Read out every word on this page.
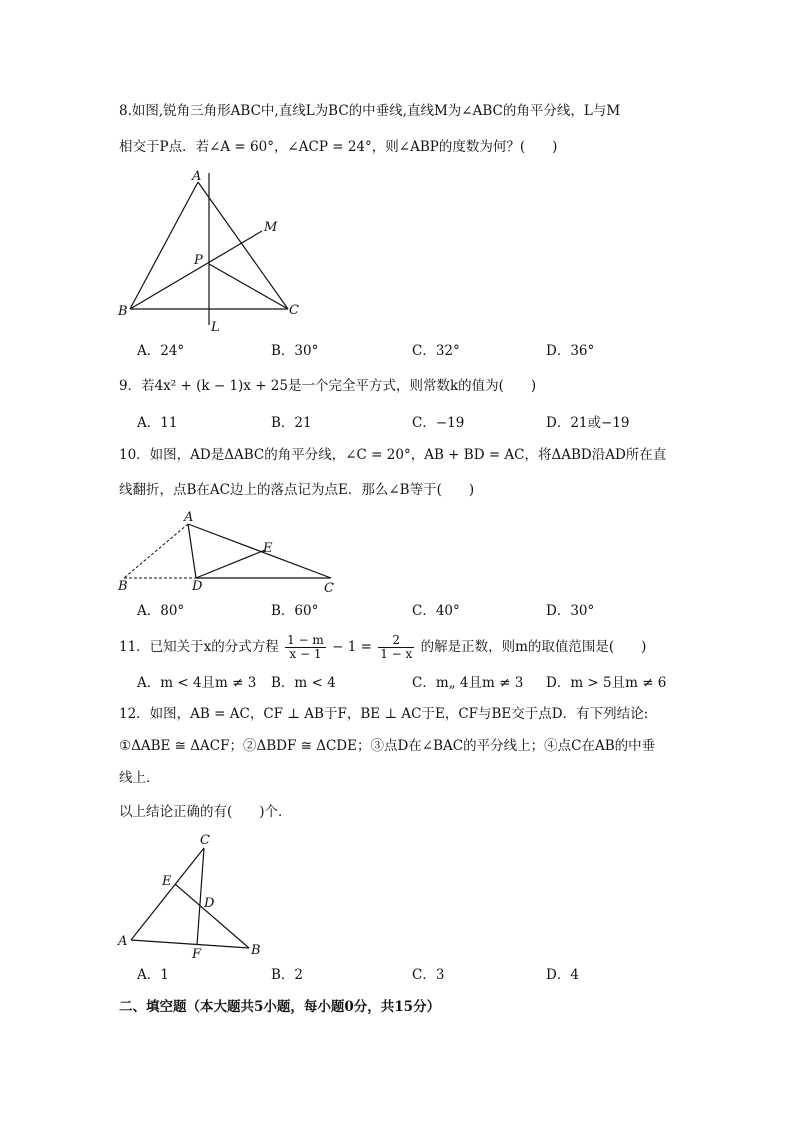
8.如图,锐角三角形ABC中,直线L为BC的中垂线,直线M为∠ABC的角平分线，L与M
相交于P点．若∠A = 60°，∠ACP = 24°，则∠ABP的度数为何？(　　)
A
M
P
B	C
L
A．24°	B．30°	C．32°	D．36°
9．若4x² + (k − 1)x + 25是一个完全平方式，则常数k的值为(　　)
A．11	B．21	C．−19	D．21或−19
10．如图，AD是ΔABC的角平分线，∠C = 20°，AB + BD = AC，将ΔABD沿AD所在直
线翻折，点B在AC边上的落点记为点E．那么∠B等于(　　)
A
E
B	D	C
A．80°	B．60°	C．40°	D．30°
11．已知关于x的分式方程 $\frac{1 - m}{x - 1} - 1 = \frac{2}{1 - x}$ 的解是正数，则m的取值范围是(　　)
A．m < 4且m ≠ 3 B．m < 4	C．m„ 4且m ≠ 3 D．m > 5且m ≠ 6
12．如图，AB = AC，CF ⊥ AB于F，BE ⊥ AC于E，CF与BE交于点D．有下列结论:
①ΔABE ≅ ΔACF；②ΔBDF ≅ ΔCDE；③点D在∠BAC的平分线上；④点C在AB的中垂
线上．
以上结论正确的有(　　)个．
C
E
D
A
F	B
A．1	B．2	C．3	D．4
二、填空题（本大题共5小题，每小题0分，共15分）
